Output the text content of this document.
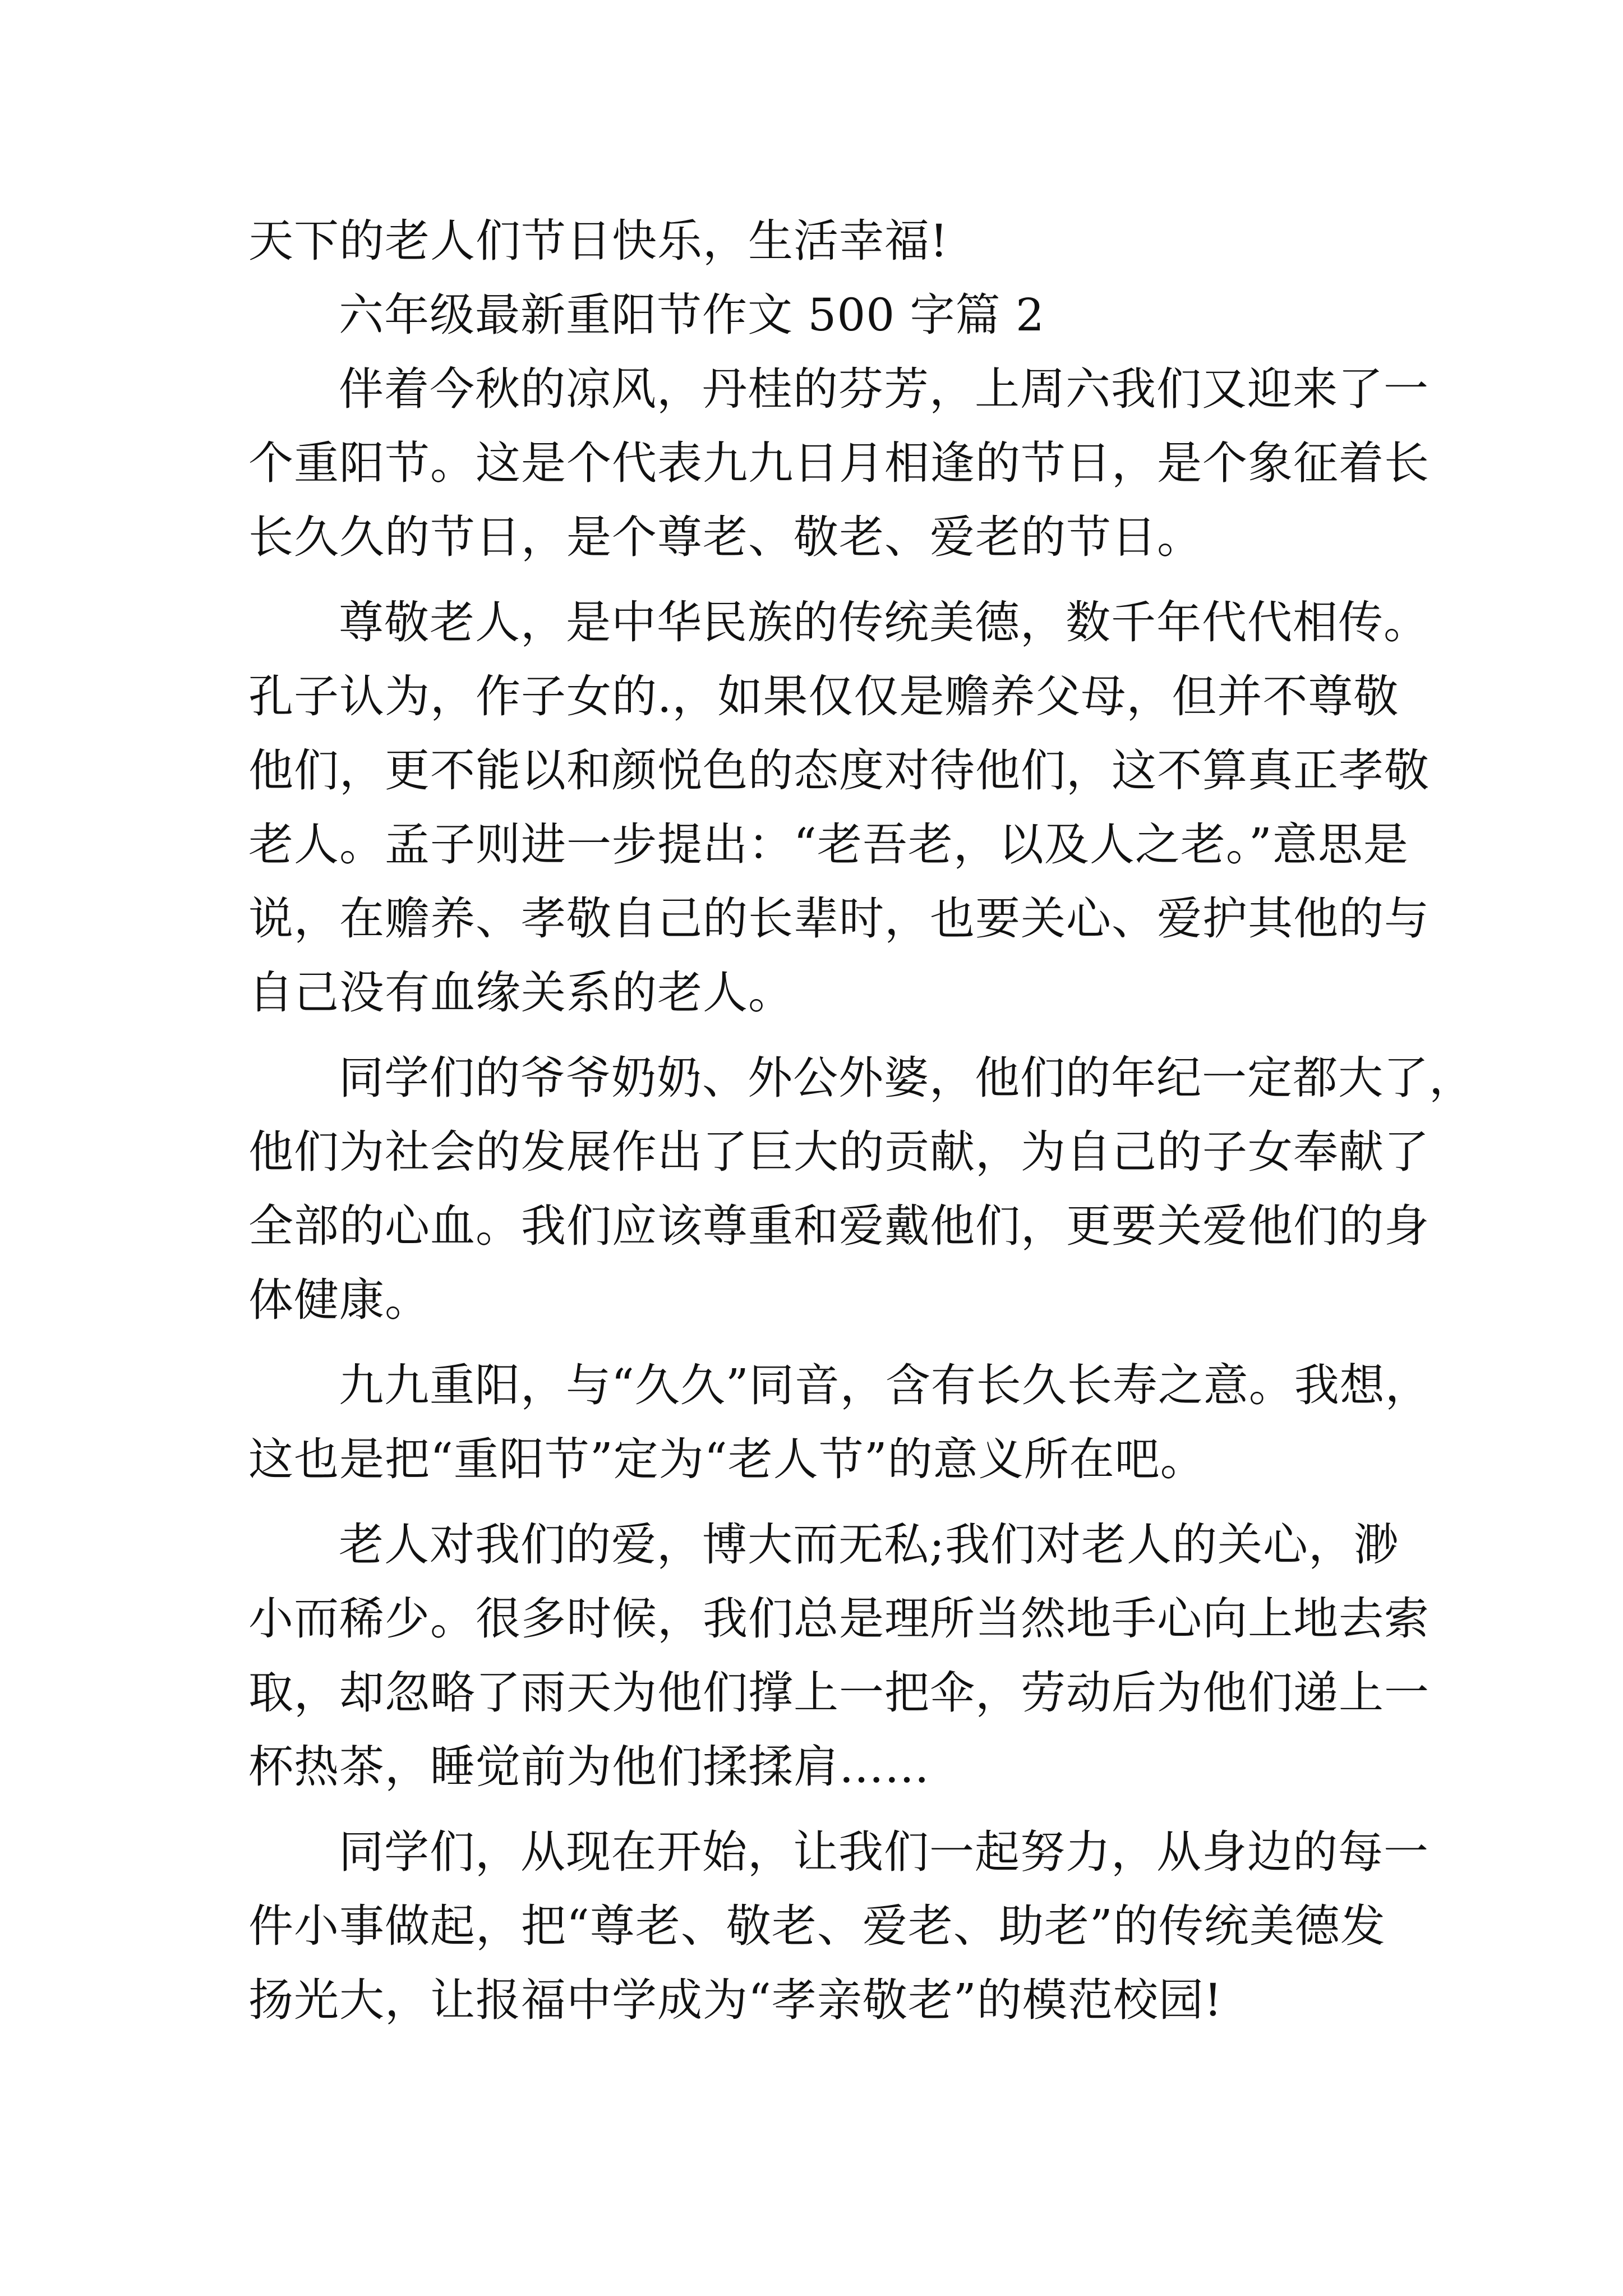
天下的老人们节日快乐，生活幸福!
六年级最新重阳节作文 500 字篇 2
伴着今秋的凉风，丹桂的芬芳，上周六我们又迎来了一
个重阳节。这是个代表九九日月相逢的节日，是个象征着长
长久久的节日，是个尊老、敬老、爱老的节日。
尊敬老人，是中华民族的传统美德，数千年代代相传。
孔子认为，作子女的.，如果仅仅是赡养父母，但并不尊敬
他们，更不能以和颜悦色的态度对待他们，这不算真正孝敬
老人。孟子则进一步提出：“老吾老，以及人之老。”意思是
说，在赡养、孝敬自己的长辈时，也要关心、爱护其他的与
自己没有血缘关系的老人。
同学们的爷爷奶奶、外公外婆，他们的年纪一定都大了，
他们为社会的发展作出了巨大的贡献，为自己的子女奉献了
全部的心血。我们应该尊重和爱戴他们，更要关爱他们的身
体健康。
九九重阳，与“久久”同音，含有长久长寿之意。我想，
这也是把“重阳节”定为“老人节”的意义所在吧。
老人对我们的爱，博大而无私;我们对老人的关心，渺
小而稀少。很多时候，我们总是理所当然地手心向上地去索
取，却忽略了雨天为他们撑上一把伞，劳动后为他们递上一
杯热茶，睡觉前为他们揉揉肩……
同学们，从现在开始，让我们一起努力，从身边的每一
件小事做起，把“尊老、敬老、爱老、助老”的传统美德发
扬光大，让报福中学成为“孝亲敬老”的模范校园!
